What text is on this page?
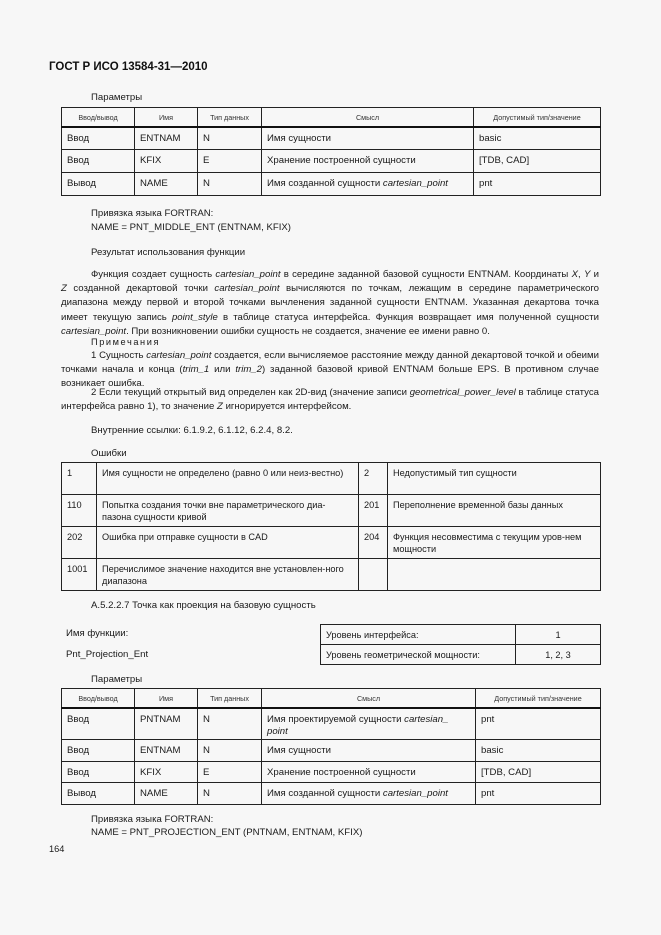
ГОСТ Р ИСО 13584-31—2010
Параметры
Ввод/вывод	Имя	Тип данных	Смысл	Допустимый тип/значение
Ввод	ENTNAM	N	Имя сущности	basic
Ввод	KFIX	E	Хранение построенной сущности	[TDB, CAD]
Вывод	NAME	N	Имя созданной сущности cartesian_point	pnt
Привязка языка FORTRAN:
NAME = PNT_MIDDLE_ENT (ENTNAM, KFIX)
Результат использования функции
Функция создает сущность cartesian_point в середине заданной базовой сущности ENTNAM. Координаты X, Y и Z созданной декартовой точки cartesian_point вычисляются по точкам, лежащим в середине параметрического диапазона между первой и второй точками вычленения заданной сущности ENTNAM. Указанная декартова точка имеет текущую запись point_style в таблице статуса интерфейса. Функция возвращает имя полученной сущности cartesian_point. При возникновении ошибки сущность не создается, значение ее имени равно 0.
Примечания
1 Сущность cartesian_point создается, если вычисляемое расстояние между данной декартовой точкой и обеими точками начала и конца (trim_1 или trim_2) заданной базовой кривой ENTNAM больше EPS. В противном случае возникает ошибка.
2 Если текущий открытый вид определен как 2D-вид (значение записи geometrical_power_level в таблице статуса интерфейса равно 1), то значение Z игнорируется интерфейсом.
Внутренние ссылки: 6.1.9.2, 6.1.12, 6.2.4, 8.2.
Ошибки
1	Имя сущности не определено (равно 0 или неиз-вестно)	2	Недопустимый тип сущности
110	Попытка создания точки вне параметрического диа-пазона сущности кривой	201	Переполнение временной базы данных
202	Ошибка при отправке сущности в CAD	204	Функция несовместима с текущим уров-нем мощности
1001	Перечислимое значение находится вне установлен-ного диапазона		
А.5.2.2.7 Точка как проекция на базовую сущность
Имя функции:
Pnt_Projection_Ent
Уровень интерфейса:	1
Уровень геометрической мощности:	1, 2, 3
Параметры
Ввод/вывод	Имя	Тип данных	Смысл	Допустимый тип/значение
Ввод	PNTNAM	N	Имя проектируемой сущности cartesian_ point	pnt
Ввод	ENTNAM	N	Имя сущности	basic
Ввод	KFIX	E	Хранение построенной сущности	[TDB, CAD]
Вывод	NAME	N	Имя созданной сущности cartesian_point	pnt
Привязка языка FORTRAN:
NAME = PNT_PROJECTION_ENT (PNTNAM, ENTNAM, KFIX)
164
